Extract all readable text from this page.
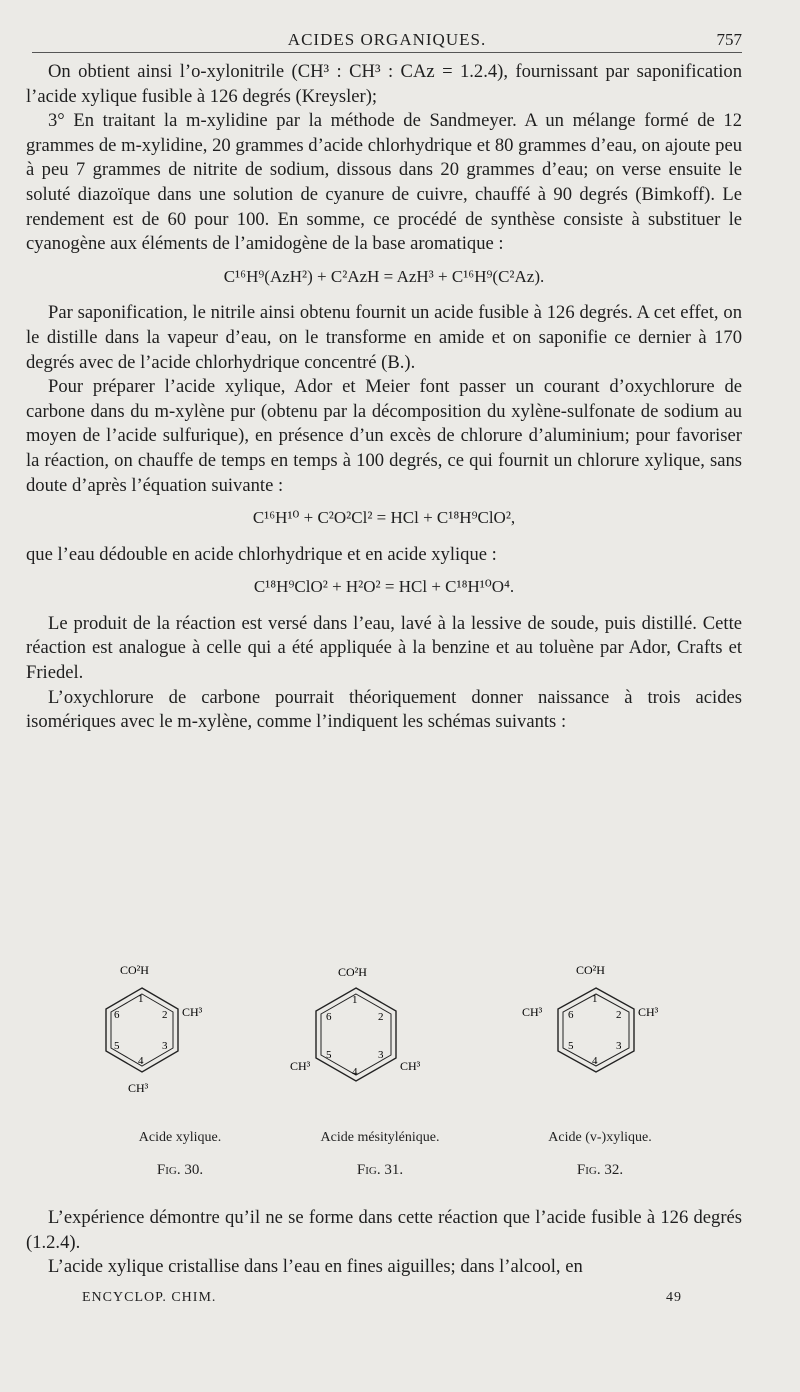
ACIDES ORGANIQUES.	757

On obtient ainsi l’o-xylonitrile (CH³ : CH³ : CAz = 1.2.4), fournissant par saponification l’acide xylique fusible à 126 degrés (Kreysler);

3° En traitant la m-xylidine par la méthode de Sandmeyer. A un mélange formé de 12 grammes de m-xylidine, 20 grammes d’acide chlorhydrique et 80 grammes d’eau, on ajoute peu à peu 7 grammes de nitrite de sodium, dissous dans 20 grammes d’eau; on verse ensuite le soluté diazoïque dans une solution de cyanure de cuivre, chauffé à 90 degrés (Bimkoff). Le rendement est de 60 pour 100. En somme, ce procédé de synthèse consiste à substituer le cyanogène aux éléments de l’amidogène de la base aromatique :

C¹⁶H⁹(AzH²) + C²AzH = AzH³ + C¹⁶H⁹(C²Az).

Par saponification, le nitrile ainsi obtenu fournit un acide fusible à 126 degrés. A cet effet, on le distille dans la vapeur d’eau, on le transforme en amide et on saponifie ce dernier à 170 degrés avec de l’acide chlorhydrique concentré (B.).

Pour préparer l’acide xylique, Ador et Meier font passer un courant d’oxychlorure de carbone dans du m-xylène pur (obtenu par la décomposition du xylène-sulfonate de sodium au moyen de l’acide sulfurique), en présence d’un excès de chlorure d’aluminium; pour favoriser la réaction, on chauffe de temps en temps à 100 degrés, ce qui fournit un chlorure xylique, sans doute d’après l’équation suivante :

C¹⁶H¹⁰ + C²O²Cl² = HCl + C¹⁸H⁹ClO²,

que l’eau dédouble en acide chlorhydrique et en acide xylique :

C¹⁸H⁹ClO² + H²O² = HCl + C¹⁸H¹⁰O⁴.

Le produit de la réaction est versé dans l’eau, lavé à la lessive de soude, puis distillé. Cette réaction est analogue à celle qui a été appliquée à la benzine et au toluène par Ador, Crafts et Friedel.

L’oxychlorure de carbone pourrait théoriquement donner naissance à trois acides isomériques avec le m-xylène, comme l’indiquent les schémas suivants :

CO²H
CH³
CH³
1
2
3
4
5
6
Acide xylique.
Fig. 30.
CO²H
CH³	CH³
1
2
3
4
5
6
Acide mésitylénique.
Fig. 31.
CO²H
CH³	CH³
1
2
3
4
5
6
Acide (v-)xylique.
Fig. 32.

L’expérience démontre qu’il ne se forme dans cette réaction que l’acide fusible à 126 degrés (1.2.4).

L’acide xylique cristallise dans l’eau en fines aiguilles; dans l’alcool, en

ENCYCLOP. CHIM.	49
